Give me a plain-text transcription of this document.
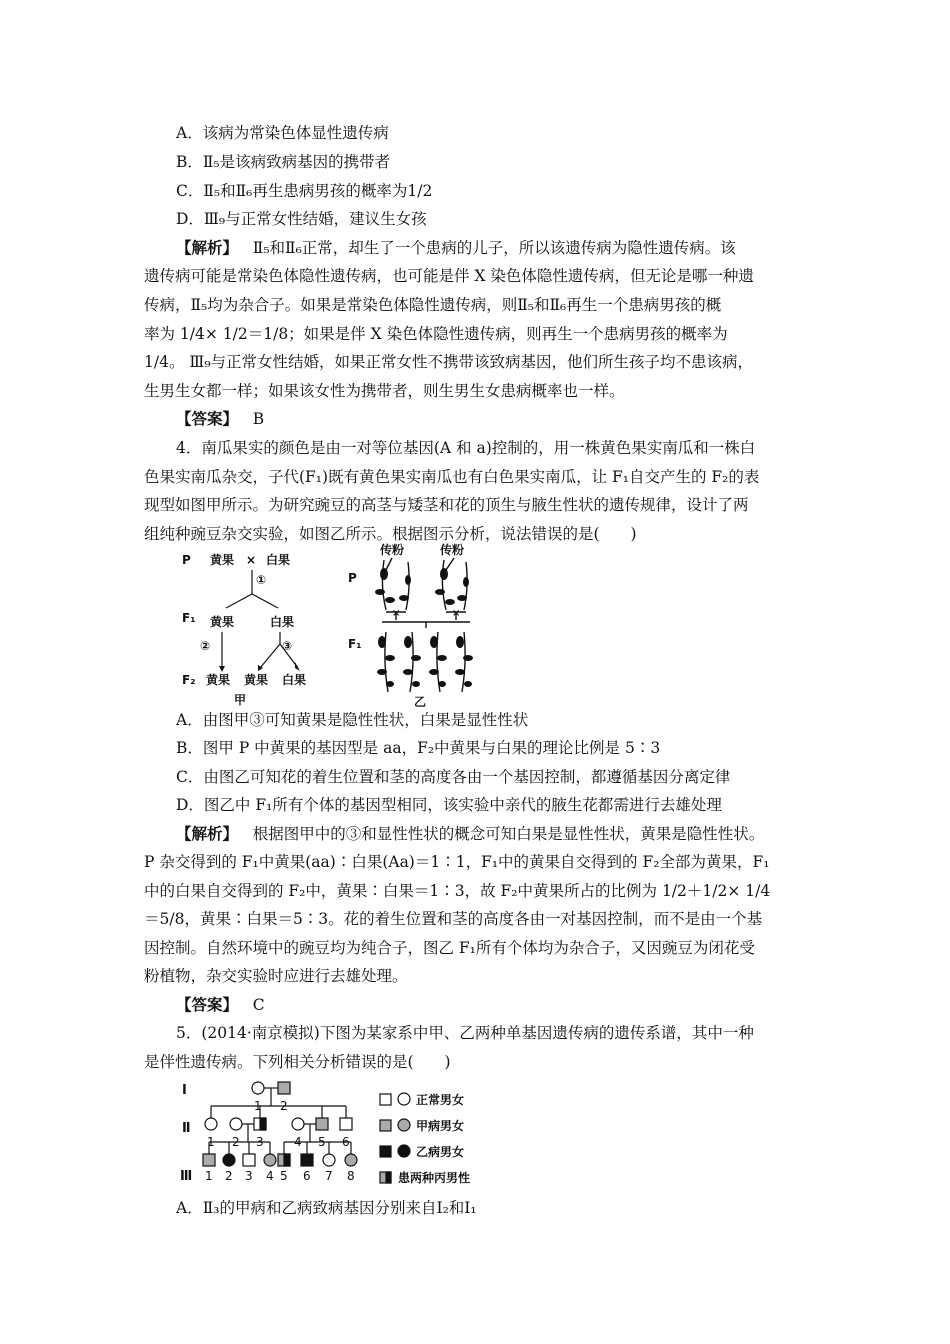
A．该病为常染色体显性遗传病
B．Ⅱ₅是该病致病基因的携带者
C．Ⅱ₅和Ⅱ₆再生患病男孩的概率为1/2
D．Ⅲ₉与正常女性结婚，建议生女孩
【解析】 Ⅱ₅和Ⅱ₆正常，却生了一个患病的儿子，所以该遗传病为隐性遗传病。该
遗传病可能是常染色体隐性遗传病，也可能是伴 X 染色体隐性遗传病，但无论是哪一种遗
传病，Ⅱ₅均为杂合子。如果是常染色体隐性遗传病，则Ⅱ₅和Ⅱ₆再生一个患病男孩的概
率为 1/4× 1/2＝1/8；如果是伴 X 染色体隐性遗传病，则再生一个患病男孩的概率为
1/4。 Ⅲ₉与正常女性结婚，如果正常女性不携带该致病基因，他们所生孩子均不患该病，
生男生女都一样；如果该女性为携带者，则生男生女患病概率也一样。
【答案】 B
4．南瓜果实的颜色是由一对等位基因(A 和 a)控制的，用一株黄色果实南瓜和一株白
色果实南瓜杂交，子代(F₁)既有黄色果实南瓜也有白色果实南瓜，让 F₁自交产生的 F₂的表
现型如图甲所示。为研究豌豆的高茎与矮茎和花的顶生与腋生性状的遗传规律，设计了两
组纯种豌豆杂交实验，如图乙所示。根据图示分析，说法错误的是(　　)
P 黄果 × 白果
①
F₁ 黄果	白果
②	③
F₂ 黄果 黄果 白果
甲
传粉	传粉
P
F₁
乙
×	×
A．由图甲③可知黄果是隐性性状，白果是显性性状
B．图甲 P 中黄果的基因型是 aa，F₂中黄果与白果的理论比例是 5∶3
C．由图乙可知花的着生位置和茎的高度各由一个基因控制，都遵循基因分离定律
D．图乙中 F₁所有个体的基因型相同，该实验中亲代的腋生花都需进行去雄处理
【解析】 根据图甲中的③和显性性状的概念可知白果是显性性状，黄果是隐性性状。
P 杂交得到的 F₁中黄果(aa)∶白果(Aa)＝1∶1，F₁中的黄果自交得到的 F₂全部为黄果，F₁
中的白果自交得到的 F₂中，黄果∶白果＝1∶3，故 F₂中黄果所占的比例为 1/2＋1/2× 1/4
＝5/8，黄果∶白果＝5∶3。花的着生位置和茎的高度各由一对基因控制，而不是由一个基
因控制。自然环境中的豌豆均为纯合子，图乙 F₁所有个体均为杂合子，又因豌豆为闭花受
粉植物，杂交实验时应进行去雄处理。
【答案】 C
5．(2014·南京模拟)下图为某家系中甲、乙两种单基因遗传病的遗传系谱，其中一种
是伴性遗传病。下列相关分析错误的是(　　)
Ⅰ
Ⅱ
Ⅲ
1 2
1 2 3	4 5 6
1 2 3 4 5 6 7 8
正常男女
甲病男女
乙病男女
患两种丙男性
A．Ⅱ₃的甲病和乙病致病基因分别来自Ⅰ₂和Ⅰ₁
